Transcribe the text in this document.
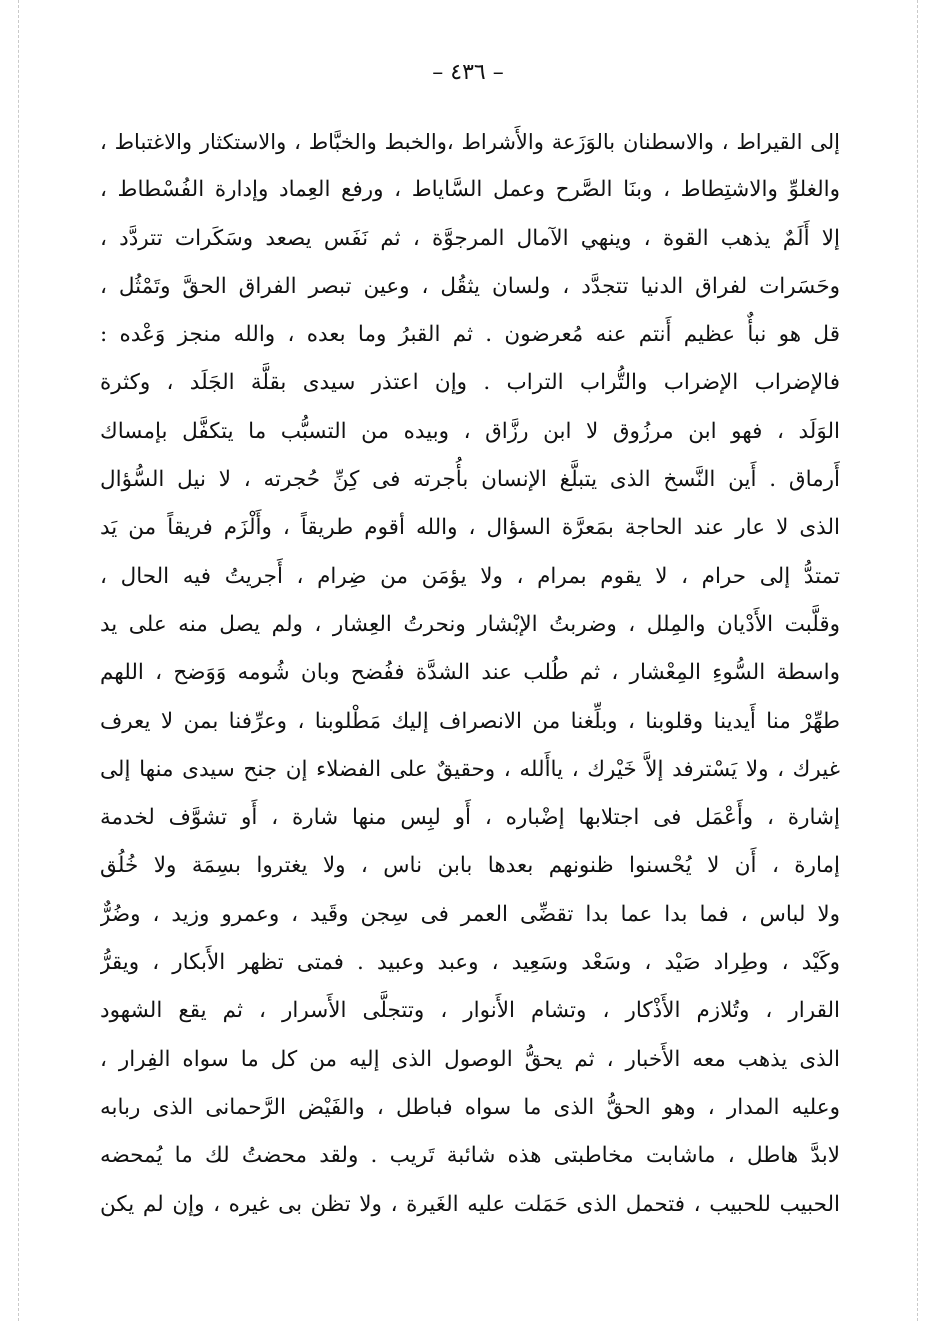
– ٤٣٦ –
إلى القيراط ، والاسطنان بالوَزَعة والأَشراط ،والخبط والخبَّاط ، والاستكثار والاغتباط ،
والغلوِّ والاشتِطاط ، وبنَا الصَّرح وعمل السَّاياط ، ورفع العِماد وإدارة الفُسْطاط ،
إلا أَلَمٌ يذهب القوة ، وينهي الآمال المرجوَّة ، ثم نَفَس يصعد وسَكَرات تتردَّد ،
وحَسَرات لفراق الدنيا تتجدَّد ، ولسان يثقُل ، وعين تبصر الفراق الحقَّ وتَمْثُل ،
قل هو نبأٌ عظيم أَنتم عنه مُعرضون . ثم القبرُ وما بعده ، والله منجز وَعْده :
فالإضراب الإضراب والتُّراب التراب . وإن اعتذر سيدى بقلَّة الجَلَد ، وكثرة
الوَلَد ، فهو ابن مرزُوق لا ابن رزَّاق ، وبيده من التسبُّب ما يتكفَّل بإمساك
أَرماق . أَين النَّسخ الذى يتبلَّغ الإنسان بأُجرته فى كِنِّ حُجرته ، لا نيل السُّؤال
الذى لا عار عند الحاجة بمَعرَّة السؤال ، والله أقوم طريقاً ، وأَلْزَم فريقاً من يَد
تمتدُّ إلى حرام ، لا يقوم بمرام ، ولا يؤمَن من ضِرام ، أَجريتُ فيه الحال ،
وقلَّبت الأَدْيان والمِلل ، وضربتُ الإبْشار ونحرتُ العِشار ، ولم يصل منه على يد
واسطة السُّوءِ المِعْشار ، ثم طُلب عند الشدَّة ففُضح وبان شُومه وَوَضح ، اللهم
طهِّرْ منا أَيدينا وقلوبنا ، وبلِّغنا من الانصراف إليك مَطْلوبنا ، وعرِّفنا بمن لا يعرف
غيرك ، ولا يَسْترفد إلاَّ خَيْرك ، ياأَلله ، وحقيقٌ على الفضلاء إن جنح سيدى منها إلى
إشارة ، وأَعْمَل فى اجتلابها إضْباره ، أَو لبِس منها شارة ، أَو تشوَّف لخدمة
إمارة ، أَن لا يُحْسنوا ظنونهم بعدها بابن ناس ، ولا يغتروا بسِمَة ولا خُلُق
ولا لباس ، فما بدا عما بدا تقضِّى العمر فى سِجن وقَيد ، وعمرو وزيد ، وضُرٌّ
وكَيْد ، وطِراد صَيْد ، وسَعْد وسَعِيد ، وعبد وعبيد . فمتى تظهر الأَبكار ، ويقرُّ
القرار ، وتُلازم الأَذْكار ، وتشام الأَنوار ، وتتجلَّى الأَسرار ، ثم يقع الشهود
الذى يذهب معه الأَخبار ، ثم يحقُّ الوصول الذى إليه من كل ما سواه الفِرار ،
وعليه المدار ، وهو الحقُّ الذى ما سواه فباطل ، والفَيْض الرَّحمانى الذى ربابه
لابدَّ هاطل ، ماشابت مخاطبتى هذه شائبة تَريب . ولقد محضتُ لك ما يُمحضه
الحبيب للحبيب ، فتحمل الذى حَمَلت عليه الغَيرة ، ولا تظن بى غيره ، وإن لم يكن
